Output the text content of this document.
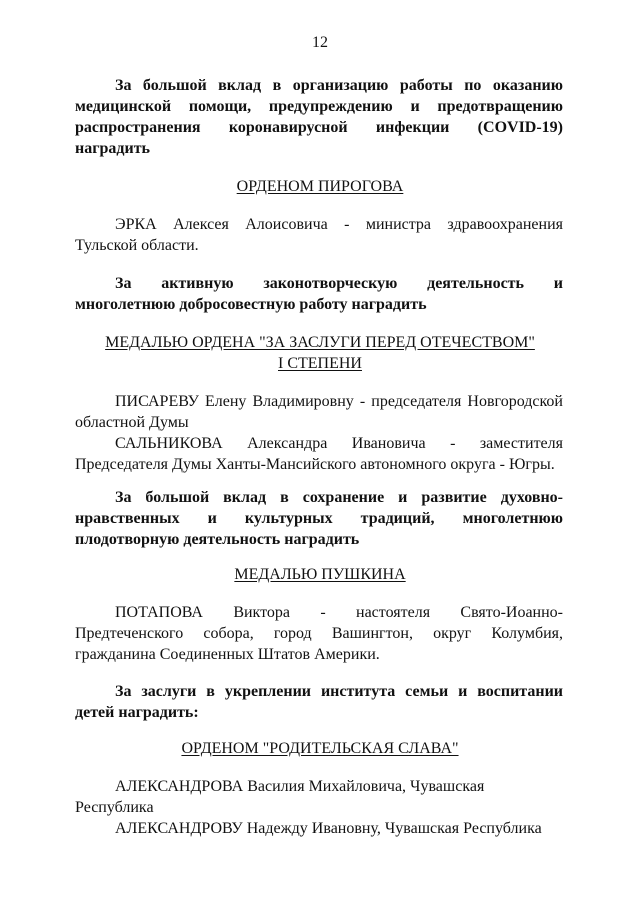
12

За большой вклад в организацию работы по оказанию медицинской помощи, предупреждению и предотвращению распространения коронавирусной инфекции (COVID-19) наградить

ОРДЕНОМ ПИРОГОВА

ЭРКА Алексея Алоисовича - министра здравоохранения Тульской области.

За активную законотворческую деятельность и многолетнюю добросовестную работу наградить

МЕДАЛЬЮ ОРДЕНА "ЗА ЗАСЛУГИ ПЕРЕД ОТЕЧЕСТВОМ"
I СТЕПЕНИ

ПИСАРЕВУ Елену Владимировну - председателя Новгородской областной Думы

САЛЬНИКОВА Александра Ивановича - заместителя Председателя Думы Ханты-Мансийского автономного округа - Югры.

За большой вклад в сохранение и развитие духовно-нравственных и культурных традиций, многолетнюю плодотворную деятельность наградить

МЕДАЛЬЮ ПУШКИНА

ПОТАПОВА Виктора - настоятеля Свято-Иоанно-Предтеченского собора, город Вашингтон, округ Колумбия, гражданина Соединенных Штатов Америки.

За заслуги в укреплении института семьи и воспитании детей наградить:

ОРДЕНОМ "РОДИТЕЛЬСКАЯ СЛАВА"

АЛЕКСАНДРОВА Василия Михайловича, Чувашская Республика

АЛЕКСАНДРОВУ Надежду Ивановну, Чувашская Республика
